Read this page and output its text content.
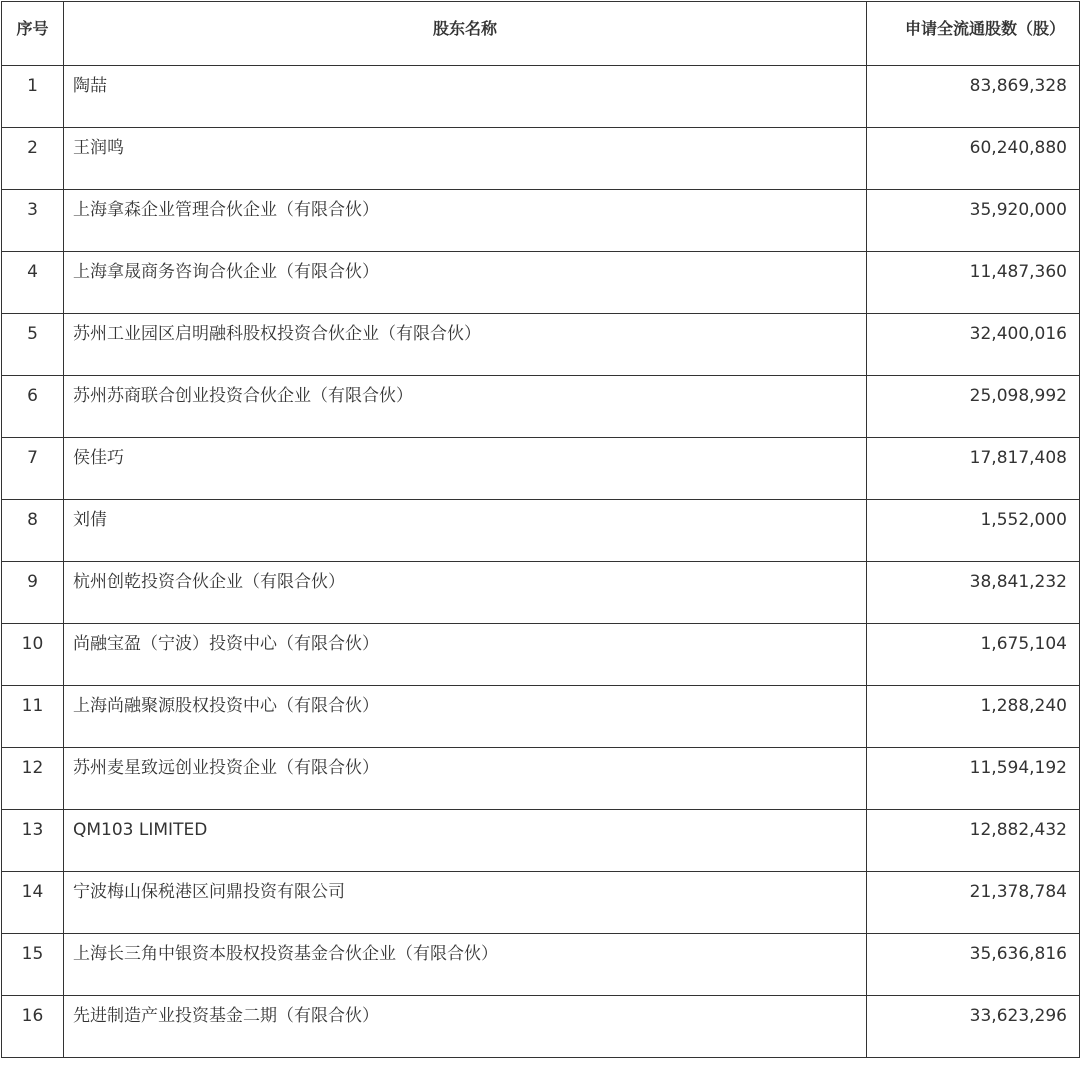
序号	股东名称	申请全流通股数（股）
1	陶喆	83,869,328
2	王润鸣	60,240,880
3	上海拿森企业管理合伙企业（有限合伙）	35,920,000
4	上海拿晟商务咨询合伙企业（有限合伙）	11,487,360
5	苏州工业园区启明融科股权投资合伙企业（有限合伙）	32,400,016
6	苏州苏商联合创业投资合伙企业（有限合伙）	25,098,992
7	侯佳巧	17,817,408
8	刘倩	1,552,000
9	杭州创乾投资合伙企业（有限合伙）	38,841,232
10	尚融宝盈（宁波）投资中心（有限合伙）	1,675,104
11	上海尚融聚源股权投资中心（有限合伙）	1,288,240
12	苏州麦星致远创业投资企业（有限合伙）	11,594,192
13	QM103 LIMITED	12,882,432
14	宁波梅山保税港区问鼎投资有限公司	21,378,784
15	上海长三角中银资本股权投资基金合伙企业（有限合伙）	35,636,816
16	先进制造产业投资基金二期（有限合伙）	33,623,296
